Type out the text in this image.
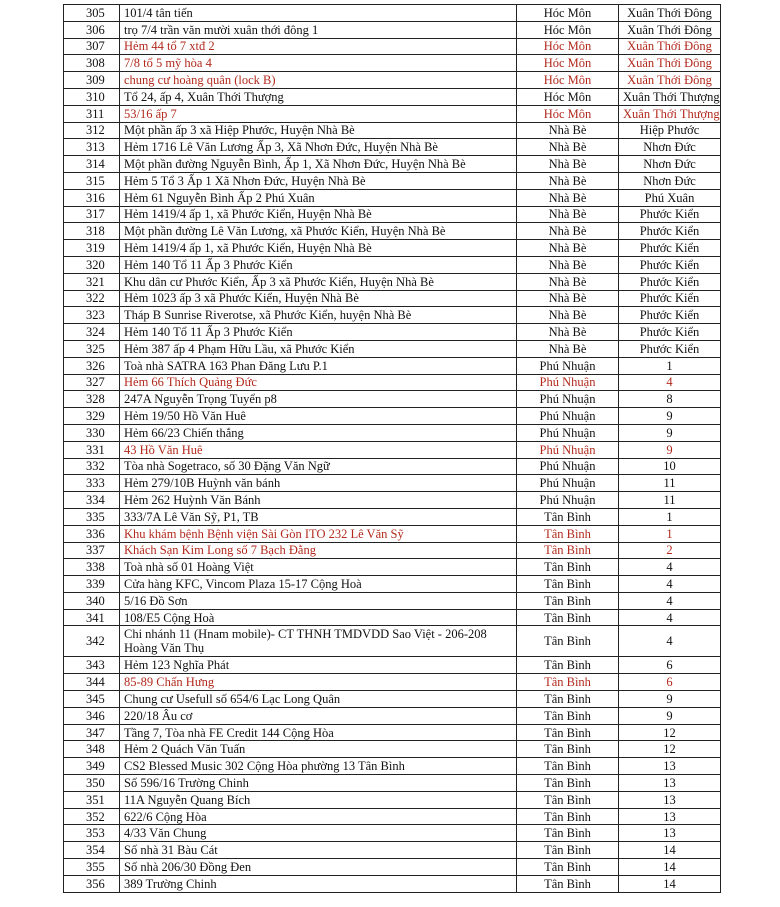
305	101/4 tân tiến	Hóc Môn	Xuân Thới Đông
306	trọ 7/4 trần văn mười xuân thới đông 1	Hóc Môn	Xuân Thới Đông
307	Hẻm 44 tổ 7 xtđ 2	Hóc Môn	Xuân Thới Đông
308	7/8 tổ 5 mỹ hòa 4	Hóc Môn	Xuân Thới Đông
309	chung cư hoàng quân (lock B)	Hóc Môn	Xuân Thới Đông
310	Tổ 24, ấp 4, Xuân Thới Thượng	Hóc Môn	Xuân Thới Thượng
311	53/16 ấp 7	Hóc Môn	Xuân Thới Thượng
312	Một phần ấp 3 xã Hiệp Phước, Huyện Nhà Bè	Nhà Bè	Hiệp Phước
313	Hẻm 1716 Lê Văn Lương Ấp 3, Xã Nhơn Đức, Huyện Nhà Bè	Nhà Bè	Nhơn Đức
314	Một phần đường Nguyễn Bình, Ấp 1, Xã Nhơn Đức, Huyện Nhà Bè	Nhà Bè	Nhơn Đức
315	Hẻm 5 Tổ 3 Ấp 1 Xã Nhơn Đức, Huyện Nhà Bè	Nhà Bè	Nhơn Đức
316	Hẻm 61 Nguyễn Bình Ấp 2 Phú Xuân	Nhà Bè	Phú Xuân
317	Hẻm 1419/4 ấp 1, xã Phước Kiển, Huyện Nhà Bè	Nhà Bè	Phước Kiển
318	Một phần đường Lê Văn Lương, xã Phước Kiển, Huyện Nhà Bè	Nhà Bè	Phước Kiển
319	Hẻm 1419/4 ấp 1, xã Phước Kiển, Huyện Nhà Bè	Nhà Bè	Phước Kiển
320	Hẻm 140 Tổ 11 Ấp 3 Phước Kiển	Nhà Bè	Phước Kiển
321	Khu dân cư Phước Kiển, Ấp 3 xã Phước Kiển, Huyện Nhà Bè	Nhà Bè	Phước Kiển
322	Hẻm 1023 ấp 3 xã Phước Kiển, Huyện Nhà Bè	Nhà Bè	Phước Kiển
323	Tháp B Sunrise Riverotse, xã Phước Kiển, huyện Nhà Bè	Nhà Bè	Phước Kiển
324	Hẻm 140 Tổ 11 Ấp 3 Phước Kiển	Nhà Bè	Phước Kiển
325	Hẻm 387 ấp 4 Phạm Hữu Lầu, xã Phước Kiển	Nhà Bè	Phước Kiển
326	Toà nhà SATRA 163 Phan Đăng Lưu P.1	Phú Nhuận	1
327	Hẻm 66 Thích Quảng Đức	Phú Nhuận	4
328	247A Nguyễn Trọng Tuyển p8	Phú Nhuận	8
329	Hẻm 19/50 Hồ Văn Huê	Phú Nhuận	9
330	Hẻm 66/23 Chiến thắng	Phú Nhuận	9
331	43 Hồ Văn Huê	Phú Nhuận	9
332	Tòa nhà Sogetraco, số 30 Đặng Văn Ngữ	Phú Nhuận	10
333	Hẻm 279/10B Huỳnh văn bánh	Phú Nhuận	11
334	Hẻm 262 Huỳnh Văn Bánh	Phú Nhuận	11
335	333/7A Lê Văn Sỹ, P1, TB	Tân Bình	1
336	Khu khám bệnh Bệnh viện Sài Gòn ITO 232 Lê Văn Sỹ	Tân Bình	1
337	Khách Sạn Kim Long số 7 Bạch Đằng	Tân Bình	2
338	Toà nhà số 01 Hoàng Việt	Tân Bình	4
339	Cửa hàng KFC, Vincom Plaza 15-17 Cộng Hoà	Tân Bình	4
340	5/16 Đồ Sơn	Tân Bình	4
341	108/E5 Cộng Hoà	Tân Bình	4
342	Chi nhánh 11 (Hnam mobile)- CT THNH TMDVDD Sao Việt - 206-208 Hoàng Văn Thụ	Tân Bình	4
343	Hẻm 123 Nghĩa Phát	Tân Bình	6
344	85-89 Chấn Hưng	Tân Bình	6
345	Chung cư Usefull số 654/6 Lạc Long Quân	Tân Bình	9
346	220/18 Âu cơ	Tân Bình	9
347	Tầng 7, Tòa nhà FE Credit 144 Cộng Hòa	Tân Bình	12
348	Hẻm 2 Quách Văn Tuấn	Tân Bình	12
349	CS2 Blessed Music 302 Cộng Hòa phường 13 Tân Bình	Tân Bình	13
350	Số 596/16 Trường Chinh	Tân Bình	13
351	11A Nguyễn Quang Bích	Tân Bình	13
352	622/6 Cộng Hòa	Tân Bình	13
353	4/33 Văn Chung	Tân Bình	13
354	Số nhà 31 Bàu Cát	Tân Bình	14
355	Số nhà 206/30 Đồng Đen	Tân Bình	14
356	389 Trường Chinh	Tân Bình	14
